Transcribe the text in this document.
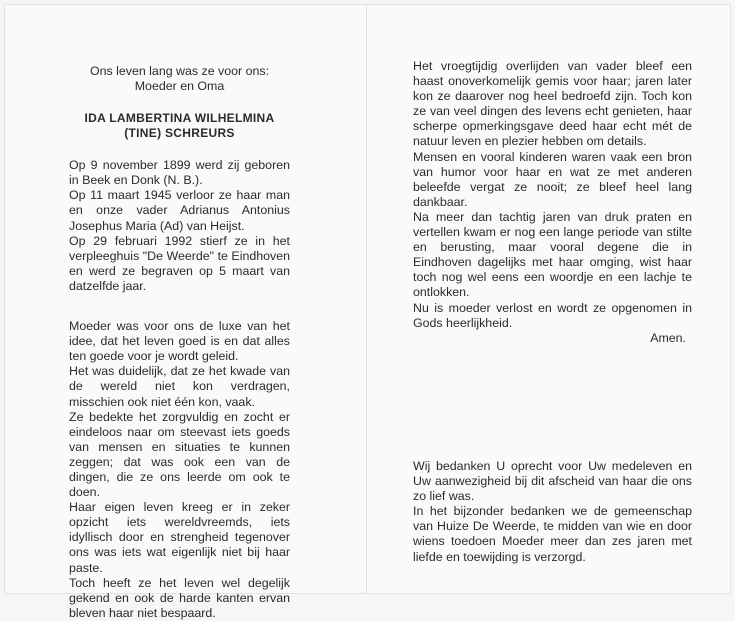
Ons leven lang was ze voor ons:

Moeder en Oma

IDA LAMBERTINA WILHELMINA

(TINE) SCHREURS

Op 9 november 1899 werd zij geboren in Beek en Donk (N. B.).

Op 11 maart 1945 verloor ze haar man en onze vader Adrianus Antonius Josephus Maria (Ad) van Heijst.

Op 29 februari 1992 stierf ze in het verpleeghuis "De Weerde" te Eindhoven en werd ze begraven op 5 maart van datzelfde jaar.

Moeder was voor ons de luxe van het idee, dat het leven goed is en dat alles ten goede voor je wordt geleid.

Het was duidelijk, dat ze het kwade van de wereld niet kon verdragen, misschien ook niet één kon, vaak.

Ze bedekte het zorgvuldig en zocht er eindeloos naar om steevast iets goeds van mensen en situaties te kunnen zeggen; dat was ook een van de dingen, die ze ons leerde om ook te doen.

Haar eigen leven kreeg er in zeker opzicht iets wereldvreemds, iets idyllisch door en strengheid tegenover ons was iets wat eigenlijk niet bij haar paste.

Toch heeft ze het leven wel degelijk gekend en ook de harde kanten ervan bleven haar niet bespaard.

Het vroegtijdig overlijden van vader bleef een haast onoverkomelijk gemis voor haar; jaren later kon ze daarover nog heel bedroefd zijn. Toch kon ze van veel dingen des levens echt genieten, haar scherpe opmerkingsgave deed haar echt mét de natuur leven en plezier hebben om details.

Mensen en vooral kinderen waren vaak een bron van humor voor haar en wat ze met anderen beleefde vergat ze nooit; ze bleef heel lang dankbaar.

Na meer dan tachtig jaren van druk praten en vertellen kwam er nog een lange periode van stilte en berusting, maar vooral degene die in Eindhoven dagelijks met haar omging, wist haar toch nog wel eens een woordje en een lachje te ontlokken.

Nu is moeder verlost en wordt ze opgenomen in Gods heerlijkheid.

Amen.

Wij bedanken U oprecht voor Uw medeleven en Uw aanwezigheid bij dit afscheid van haar die ons zo lief was.

In het bijzonder bedanken we de gemeenschap van Huize De Weerde, te midden van wie en door wiens toedoen Moeder meer dan zes jaren met liefde en toewijding is verzorgd.
